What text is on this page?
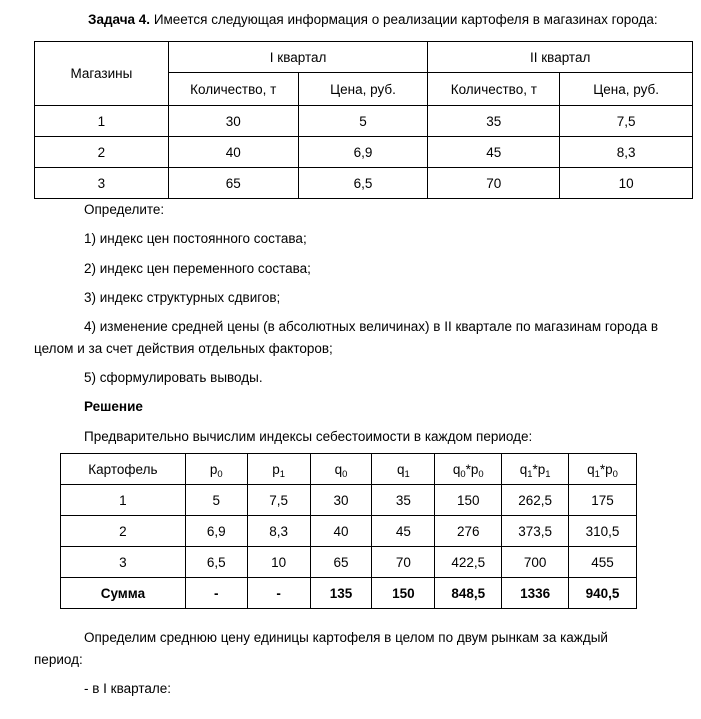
Задача 4. Имеется следующая информация о реализации картофеля в магазинах города:
Магазины	I квартал		II квартал	
	Количество, т	Цена, руб.	Количество, т	Цена, руб.
1	30	5	35	7,5
2	40	6,9	45	8,3
3	65	6,5	70	10
Определите:
1) индекс цен постоянного состава;
2) индекс цен переменного состава;
3) индекс структурных сдвигов;
4) изменение средней цены (в абсолютных величинах) в II квартале по магазинам города в
целом и за счет действия отдельных факторов;
5) сформулировать выводы.
Решение
Предварительно вычислим индексы себестоимости в каждом периоде:
Картофель	$p_0$	$p_1$	$q_0$	$q_1$	$q_0*p_0$	$q_1*p_1$	$q_1*p_0$
1	5	7,5	30	35	150	262,5	175
2	6,9	8,3	40	45	276	373,5	310,5
3	6,5	10	65	70	422,5	700	455
Сумма	-	-	135	150	848,5	1336	940,5
Определим среднюю цену единицы картофеля в целом по двум рынкам за каждый
период:
- в I квартале:
